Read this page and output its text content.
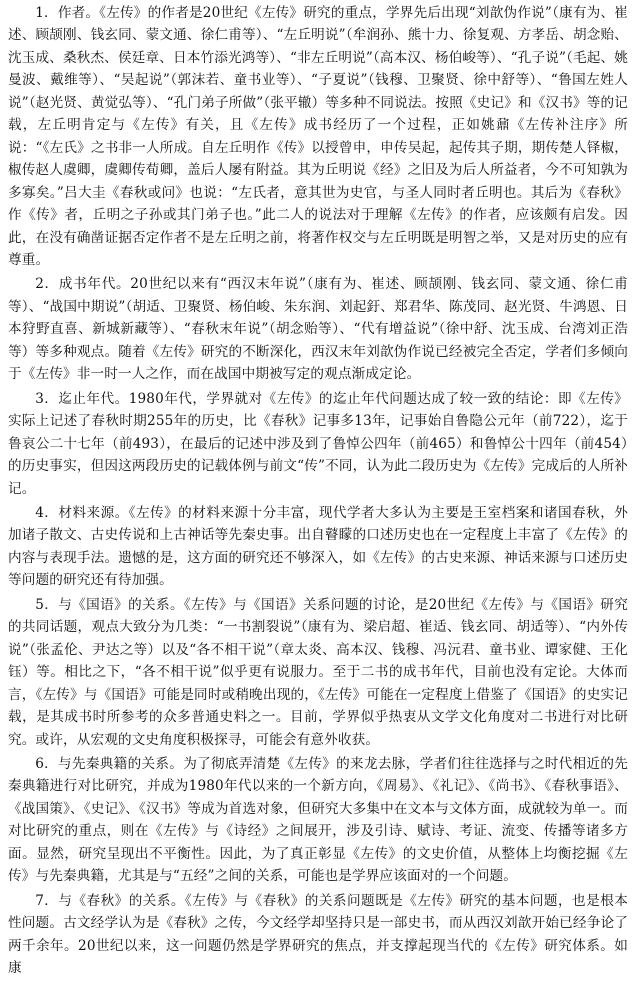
1．作者。《左传》的作者是20世纪《左传》研究的重点，学界先后出现“刘歆伪作说”（康有为、崔述、顾颉刚、钱玄同、蒙文通、徐仁甫等）、“左丘明说”（牟润孙、熊十力、徐复观、方孝岳、胡念贻、沈玉成、桑秋杰、侯廷章、日本竹添光鸿等）、“非左丘明说”（高本汉、杨伯峻等）、“孔子说”（毛起、姚曼波、戴维等）、“吴起说”（郭沫若、童书业等）、“子夏说”（钱穆、卫聚贤、徐中舒等）、“鲁国左姓人说”（赵光贤、黄觉弘等）、“孔门弟子所做”（张平辙）等多种不同说法。按照《史记》和《汉书》等的记载，左丘明肯定与《左传》有关，且《左传》成书经历了一个过程，正如姚鼐《左传补注序》所说：“《左氏》之书非一人所成。自左丘明作《传》以授曾申，申传吴起，起传其子期，期传楚人铎椒，椒传赵人虞卿，虞卿传荀卿，盖后人屡有附益。其为丘明说《经》之旧及为后人所益者，今不可知孰为多寡矣。”吕大圭《春秋或问》也说：“左氏者，意其世为史官，与圣人同时者丘明也。其后为《春秋》作《传》者，丘明之子孙或其门弟子也。”此二人的说法对于理解《左传》的作者，应该颇有启发。因此，在没有确凿证据否定作者不是左丘明之前，将著作权交与左丘明既是明智之举，又是对历史的应有尊重。

2．成书年代。20世纪以来有“西汉末年说”（康有为、崔述、顾颉刚、钱玄同、蒙文通、徐仁甫等）、“战国中期说”（胡适、卫聚贤、杨伯峻、朱东润、刘起釪、郑君华、陈茂同、赵光贤、牛鸿恩、日本狩野直喜、新城新藏等）、“春秋末年说”（胡念贻等）、“代有增益说”（徐中舒、沈玉成、台湾刘正浩等）等多种观点。随着《左传》研究的不断深化，西汉末年刘歆伪作说已经被完全否定，学者们多倾向于《左传》非一时一人之作，而在战国中期被写定的观点渐成定论。

3．迄止年代。1980年代，学界就对《左传》的迄止年代问题达成了较一致的结论：即《左传》实际上记述了春秋时期255年的历史，比《春秋》记事多13年，记事始自鲁隐公元年（前722），迄于鲁哀公二十七年（前493），在最后的记述中涉及到了鲁悼公四年（前465）和鲁悼公十四年（前454）的历史事实，但因这两段历史的记载体例与前文“传”不同，认为此二段历史为《左传》完成后的人所补记。

4．材料来源。《左传》的材料来源十分丰富，现代学者大多认为主要是王室档案和诸国春秋，外加诸子散文、古史传说和上古神话等先秦史事。出自瞽矇的口述历史也在一定程度上丰富了《左传》的内容与表现手法。遗憾的是，这方面的研究还不够深入，如《左传》的古史来源、神话来源与口述历史等问题的研究还有待加强。

5．与《国语》的关系。《左传》与《国语》关系问题的讨论，是20世纪《左传》与《国语》研究的共同话题，观点大致分为几类：“一书割裂说”（康有为、梁启超、崔适、钱玄同、胡适等）、“内外传说”（张孟伦、尹达之等）以及“各不相干说”（章太炎、高本汉、钱穆、冯沅君、童书业、谭家健、王化钰）等。相比之下，“各不相干说”似乎更有说服力。至于二书的成书年代，目前也没有定论。大体而言，《左传》与《国语》可能是同时或稍晚出现的，《左传》可能在一定程度上借鉴了《国语》的史实记载，是其成书时所参考的众多普通史料之一。目前，学界似乎热衷从文学文化角度对二书进行对比研究。或许，从宏观的文史角度积极探寻，可能会有意外收获。

6．与先秦典籍的关系。为了彻底弄清楚《左传》的来龙去脉，学者们往往选择与之时代相近的先秦典籍进行对比研究，并成为1980年代以来的一个新方向，《周易》、《礼记》、《尚书》、《春秋事语》、《战国策》、《史记》、《汉书》等成为首选对象，但研究大多集中在文本与文体方面，成就较为单一。而对比研究的重点，则在《左传》与《诗经》之间展开，涉及引诗、赋诗、考证、流变、传播等诸多方面。显然，研究呈现出不平衡性。因此，为了真正彰显《左传》的文史价值，从整体上均衡挖掘《左传》与先秦典籍，尤其是与“五经”之间的关系，可能也是学界应该面对的一个问题。

7．与《春秋》的关系。《左传》与《春秋》的关系问题既是《左传》研究的基本问题，也是根本性问题。古文经学认为是《春秋》之传，今文经学却坚持只是一部史书，而从西汉刘歆开始已经争论了两千余年。20世纪以来，这一问题仍然是学界研究的焦点，并支撑起现当代的《左传》研究体系。如康
